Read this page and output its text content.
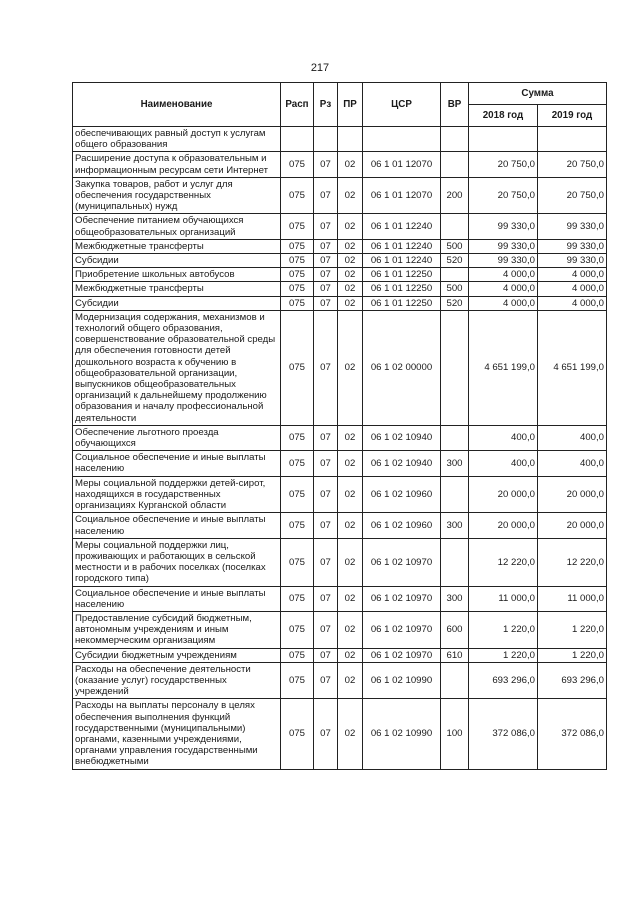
217
Наименование	Расп	Рз	ПР	ЦСР	ВР	Сумма	
						2018 год	2019 год
обеспечивающих равный доступ к услугам общего образования							
Расширение доступа к образовательным и информационным ресурсам сети Интернет	075	07	02	06 1 01 12070		20 750,0	20 750,0
Закупка товаров, работ и услуг для обеспечения государственных (муниципальных) нужд	075	07	02	06 1 01 12070	200	20 750,0	20 750,0
Обеспечение питанием обучающихся общеобразовательных организаций	075	07	02	06 1 01 12240		99 330,0	99 330,0
Межбюджетные трансферты	075	07	02	06 1 01 12240	500	99 330,0	99 330,0
Субсидии	075	07	02	06 1 01 12240	520	99 330,0	99 330,0
Приобретение школьных автобусов	075	07	02	06 1 01 12250		4 000,0	4 000,0
Межбюджетные трансферты	075	07	02	06 1 01 12250	500	4 000,0	4 000,0
Субсидии	075	07	02	06 1 01 12250	520	4 000,0	4 000,0
Модернизация содержания, механизмов и технологий общего образования, совершенствование образовательной среды для обеспечения готовности детей дошкольного возраста к обучению в общеобразовательной организации, выпускников общеобразовательных организаций к дальнейшему продолжению образования и началу профессиональной деятельности	075	07	02	06 1 02 00000		4 651 199,0	4 651 199,0
Обеспечение льготного проезда обучающихся	075	07	02	06 1 02 10940		400,0	400,0
Социальное обеспечение и иные выплаты населению	075	07	02	06 1 02 10940	300	400,0	400,0
Меры социальной поддержки детей-сирот, находящихся в государственных организациях Курганской области	075	07	02	06 1 02 10960		20 000,0	20 000,0
Социальное обеспечение и иные выплаты населению	075	07	02	06 1 02 10960	300	20 000,0	20 000,0
Меры социальной поддержки лиц, проживающих и работающих в сельской местности и в рабочих поселках (поселках городского типа)	075	07	02	06 1 02 10970		12 220,0	12 220,0
Социальное обеспечение и иные выплаты населению	075	07	02	06 1 02 10970	300	11 000,0	11 000,0
Предоставление субсидий бюджетным, автономным учреждениям и иным некоммерческим организациям	075	07	02	06 1 02 10970	600	1 220,0	1 220,0
Субсидии бюджетным учреждениям	075	07	02	06 1 02 10970	610	1 220,0	1 220,0
Расходы на обеспечение деятельности (оказание услуг) государственных учреждений	075	07	02	06 1 02 10990		693 296,0	693 296,0
Расходы на выплаты персоналу в целях обеспечения выполнения функций государственными (муниципальными) органами, казенными учреждениями, органами управления государственными внебюджетными	075	07	02	06 1 02 10990	100	372 086,0	372 086,0
